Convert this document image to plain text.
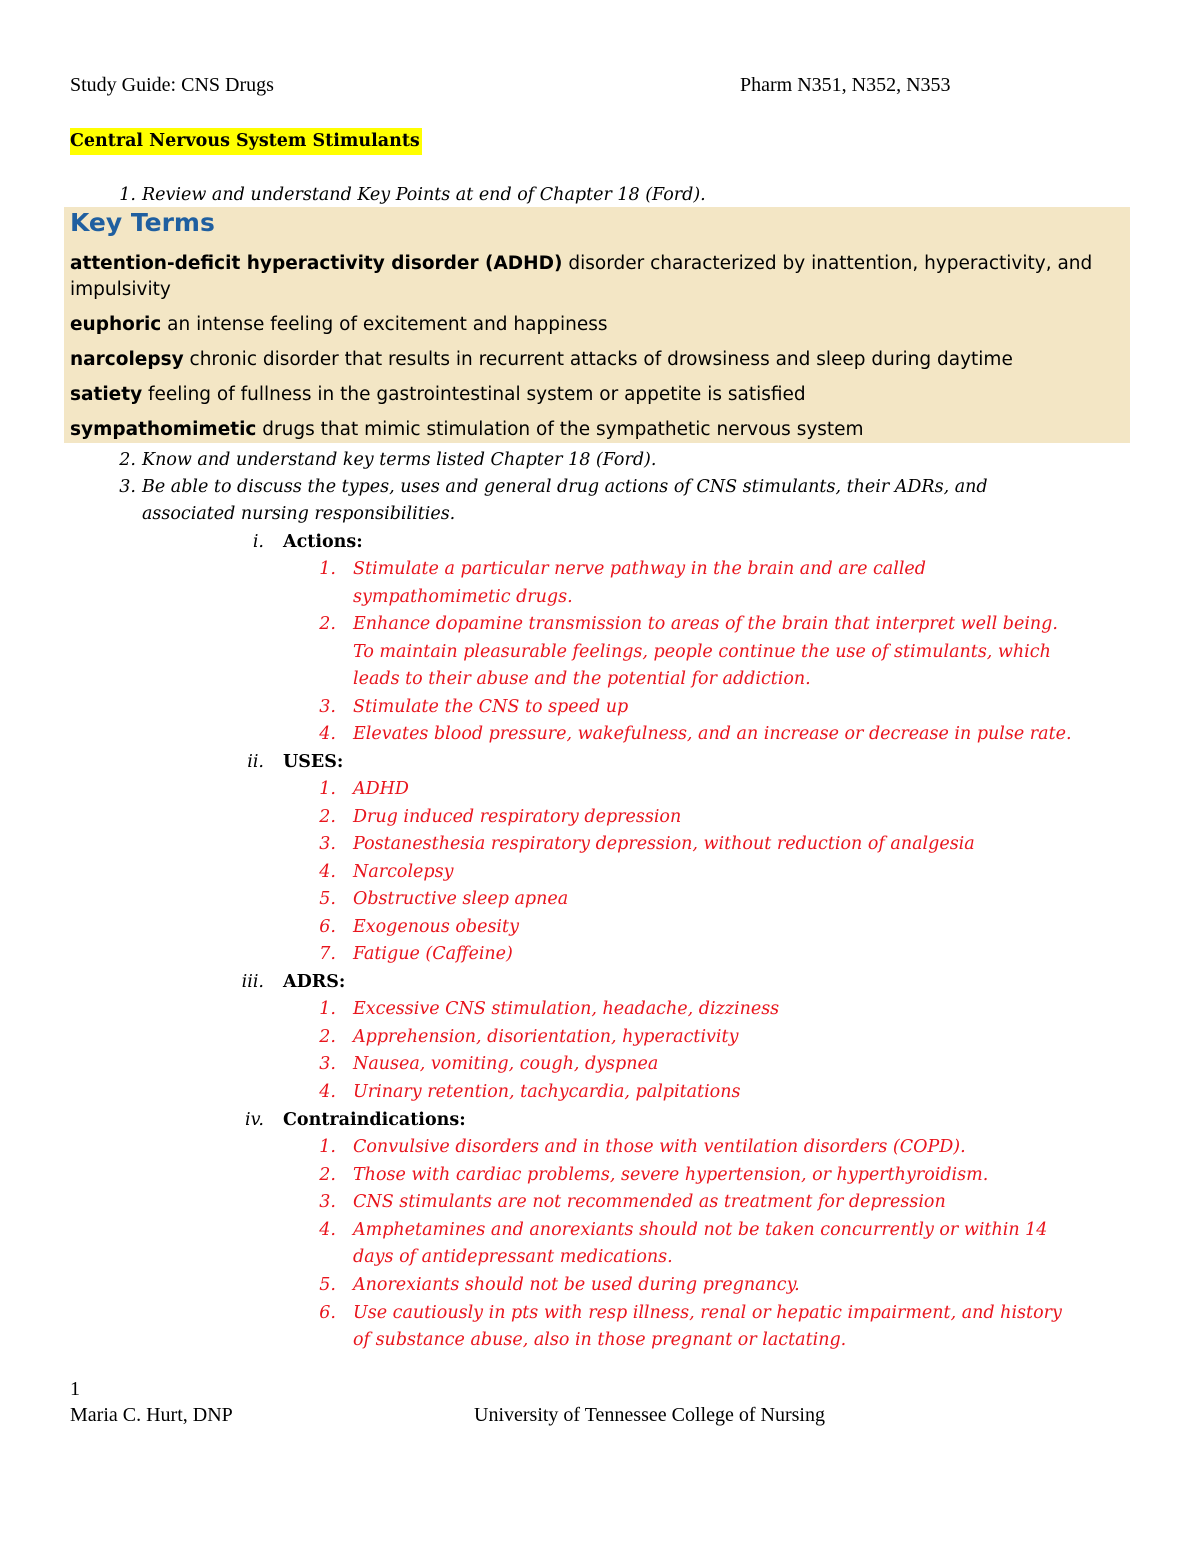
Study Guide: CNS Drugs	Pharm N351, N352, N353
Central Nervous System Stimulants
1. Review and understand Key Points at end of Chapter 18 (Ford).
Key Terms
attention-deficit hyperactivity disorder (ADHD) disorder characterized by inattention, hyperactivity, and impulsivity
euphoric an intense feeling of excitement and happiness
narcolepsy chronic disorder that results in recurrent attacks of drowsiness and sleep during daytime
satiety feeling of fullness in the gastrointestinal system or appetite is satisfied
sympathomimetic drugs that mimic stimulation of the sympathetic nervous system
2. Know and understand key terms listed Chapter 18 (Ford).
3. Be able to discuss the types, uses and general drug actions of CNS stimulants, their ADRs, and
associated nursing responsibilities.
i. Actions:
1. Stimulate a particular nerve pathway in the brain and are called
sympathomimetic drugs.
2. Enhance dopamine transmission to areas of the brain that interpret well being.
To maintain pleasurable feelings, people continue the use of stimulants, which
leads to their abuse and the potential for addiction.
3. Stimulate the CNS to speed up
4. Elevates blood pressure, wakefulness, and an increase or decrease in pulse rate.
ii. USES:
1. ADHD
2. Drug induced respiratory depression
3. Postanesthesia respiratory depression, without reduction of analgesia
4. Narcolepsy
5. Obstructive sleep apnea
6. Exogenous obesity
7. Fatigue (Caffeine)
iii. ADRS:
1. Excessive CNS stimulation, headache, dizziness
2. Apprehension, disorientation, hyperactivity
3. Nausea, vomiting, cough, dyspnea
4. Urinary retention, tachycardia, palpitations
iv. Contraindications:
1. Convulsive disorders and in those with ventilation disorders (COPD).
2. Those with cardiac problems, severe hypertension, or hyperthyroidism.
3. CNS stimulants are not recommended as treatment for depression
4. Amphetamines and anorexiants should not be taken concurrently or within 14
days of antidepressant medications.
5. Anorexiants should not be used during pregnancy.
6. Use cautiously in pts with resp illness, renal or hepatic impairment, and history
of substance abuse, also in those pregnant or lactating.
1
Maria C. Hurt, DNP	University of Tennessee College of Nursing
